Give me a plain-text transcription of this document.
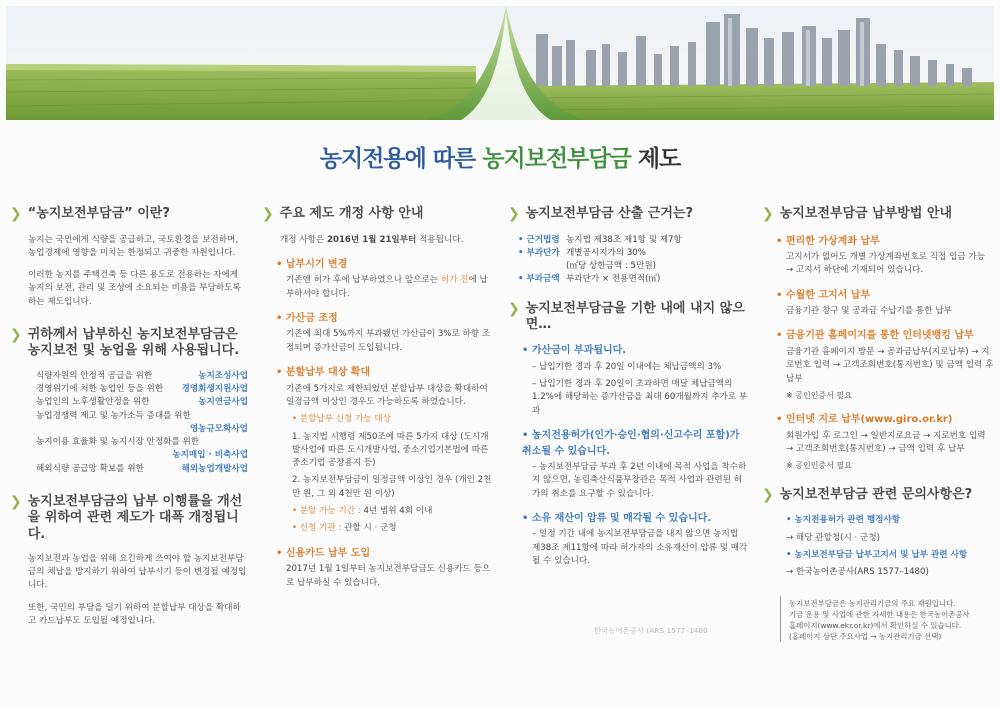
농지전용에 따른 농지보전부담금 제도
❯ “농지보전부담금” 이란?
농지는 국민에게 식량을 공급하고, 국토환경을 보전하며, 농업경제에 영향을 미치는 한정되고 귀중한 자원입니다.
이러한 농지를 주택건축 등 다른 용도로 전용하는 자에게 농지의 보전, 관리 및 조성에 소요되는 비용을 부담하도록 하는 제도입니다.
❯ 귀하께서 납부하신 농지보전부담금은 농지보전 및 농업을 위해 사용됩니다.
식량자원의 안정적 공급을 위한	농지조성사업
경영위기에 처한 농업인 등을 위한 경영회생지원사업
농업인의 노후생활안정을 위한	농지연금사업
농업경쟁력 제고 및 농가소득 증대를 위한
영농규모화사업
농지이용 효율화 및 농지시장 안정화를 위한
농지매입 · 비축사업
해외식량 공급망 확보를 위한	해외농업개발사업
❯ 농지보전부담금의 납부 이행률을 개선을 위하여 관련 제도가 대폭 개정됩니다.
농지보전과 농업을 위해 요긴하게 쓰여야 할 농지보전부담금의 체납을 방지하기 위하여 납부시기 등이 변경될 예정입니다.
또한, 국민의 부담을 덜기 위하여 분할납부 대상을 확대하고 카드납부도 도입될 예정입니다.
❯ 주요 제도 개정 사항 안내
개정 사항은 2016년 1월 21일부터 적용됩니다.
• 납부시기 변경
기존엔 허가 후에 납부하였으나 앞으로는 허가 전에 납부하셔야 합니다.
• 가산금 조정
기존에 최대 5%까지 부과됐던 가산금이 3%로 하향 조정되며 증가산금이 도입됩니다.
• 분할납부 대상 확대
기존에 5가지로 제한되었던 분할납부 대상을 확대하여 일정금액 이상인 경우도 가능하도록 하였습니다.
• 분할납부 신청 가능 대상
1. 농지법 시행령 제50조에 따른 5가지 대상 (도시개발사업에 따른 도시개발사업, 중소기업기본법에 따른 중소기업 공장용지 등)
2. 농지보전부담금이 일정금액 이상인 경우 (개인 2천만 원, 그 외 4천만 원 이상)
• 분할 가능 기간 : 4년 범위 4회 이내
• 신청 기관 : 관할 시 · 군청
• 신용카드 납부 도입
2017년 1월 1일부터 농지보전부담금도 신용카드 등으로 납부하실 수 있습니다.
❯ 농지보전부담금 산출 근거는?
• 근거법령 농지법 제38조 제1항 및 제7항
• 부과단가 개별공시지가의 30%
(㎡당 상한금액 : 5만원)
• 부과금액 부과단가 × 전용면적(㎡)
❯ 농지보전부담금을 기한 내에 내지 않으면…
• 가산금이 부과됩니다.
– 납입기한 경과 후 20일 이내에는 체납금액의 3%
– 납입기한 경과 후 20일이 초과하면 매달 체납금액의 1.2%에 해당하는 증가산금을 최대 60개월까지 추가로 부과
• 농지전용허가(인가·승인·협의·신고수리 포함)가 취소될 수 있습니다.
– 농지보전부담금 부과 후 2년 이내에 목적 사업을 착수하지 않으면, 농림축산식품부장관은 목적 사업과 관련된 허가의 취소를 요구할 수 있습니다.
• 소유 재산이 압류 및 매각될 수 있습니다.
– 일정 기간 내에 농지보전부담금을 내지 않으면 농지법 제38조 제11항에 따라 허가자의 소유재산이 압류 및 매각될 수 있습니다.
한국농어촌공사 (ARS 1577–1480
❯ 농지보전부담금 납부방법 안내
• 편리한 가상계좌 납부
고지서가 없어도 개별 가상계좌번호로 직접 입금 가능 → 고지서 하단에 기재되어 있습니다.
• 수월한 고지서 납부
금융기관 창구 및 공과금 수납기를 통한 납부
• 금융기관 홈페이지를 통한 인터넷뱅킹 납부
금융기관 홈페이지 방문 → 공과금납부(지로납부) → 지로번호 입력 → 고객조회번호(통지번호) 및 금액 입력 후 납부
※ 공인인증서 필요
• 인터넷 지로 납부(www.giro.or.kr)
회원가입 후 로그인 → 일반지로요금 → 지로번호 입력 → 고객조회번호(통지번호) → 금액 입력 후 납부
※ 공인인증서 필요
❯ 농지보전부담금 관련 문의사항은?
• 농지전용허가 관련 행정사항
→ 해당 관할청(시 · 군청)
• 농지보전부담금 납부고지서 및 납부 관련 사항
→ 한국농어촌공사(ARS 1577–1480)
농지보전부담금은 농지관리기금의 주요 재원입니다.
기금 운용 및 사업에 관한 자세한 내용은 한국농어촌공사
홈페이지(www.ekr.or.kr)에서 확인하실 수 있습니다.
(홈페이지 상단 주요사업 → 농지관리기금 선택)
